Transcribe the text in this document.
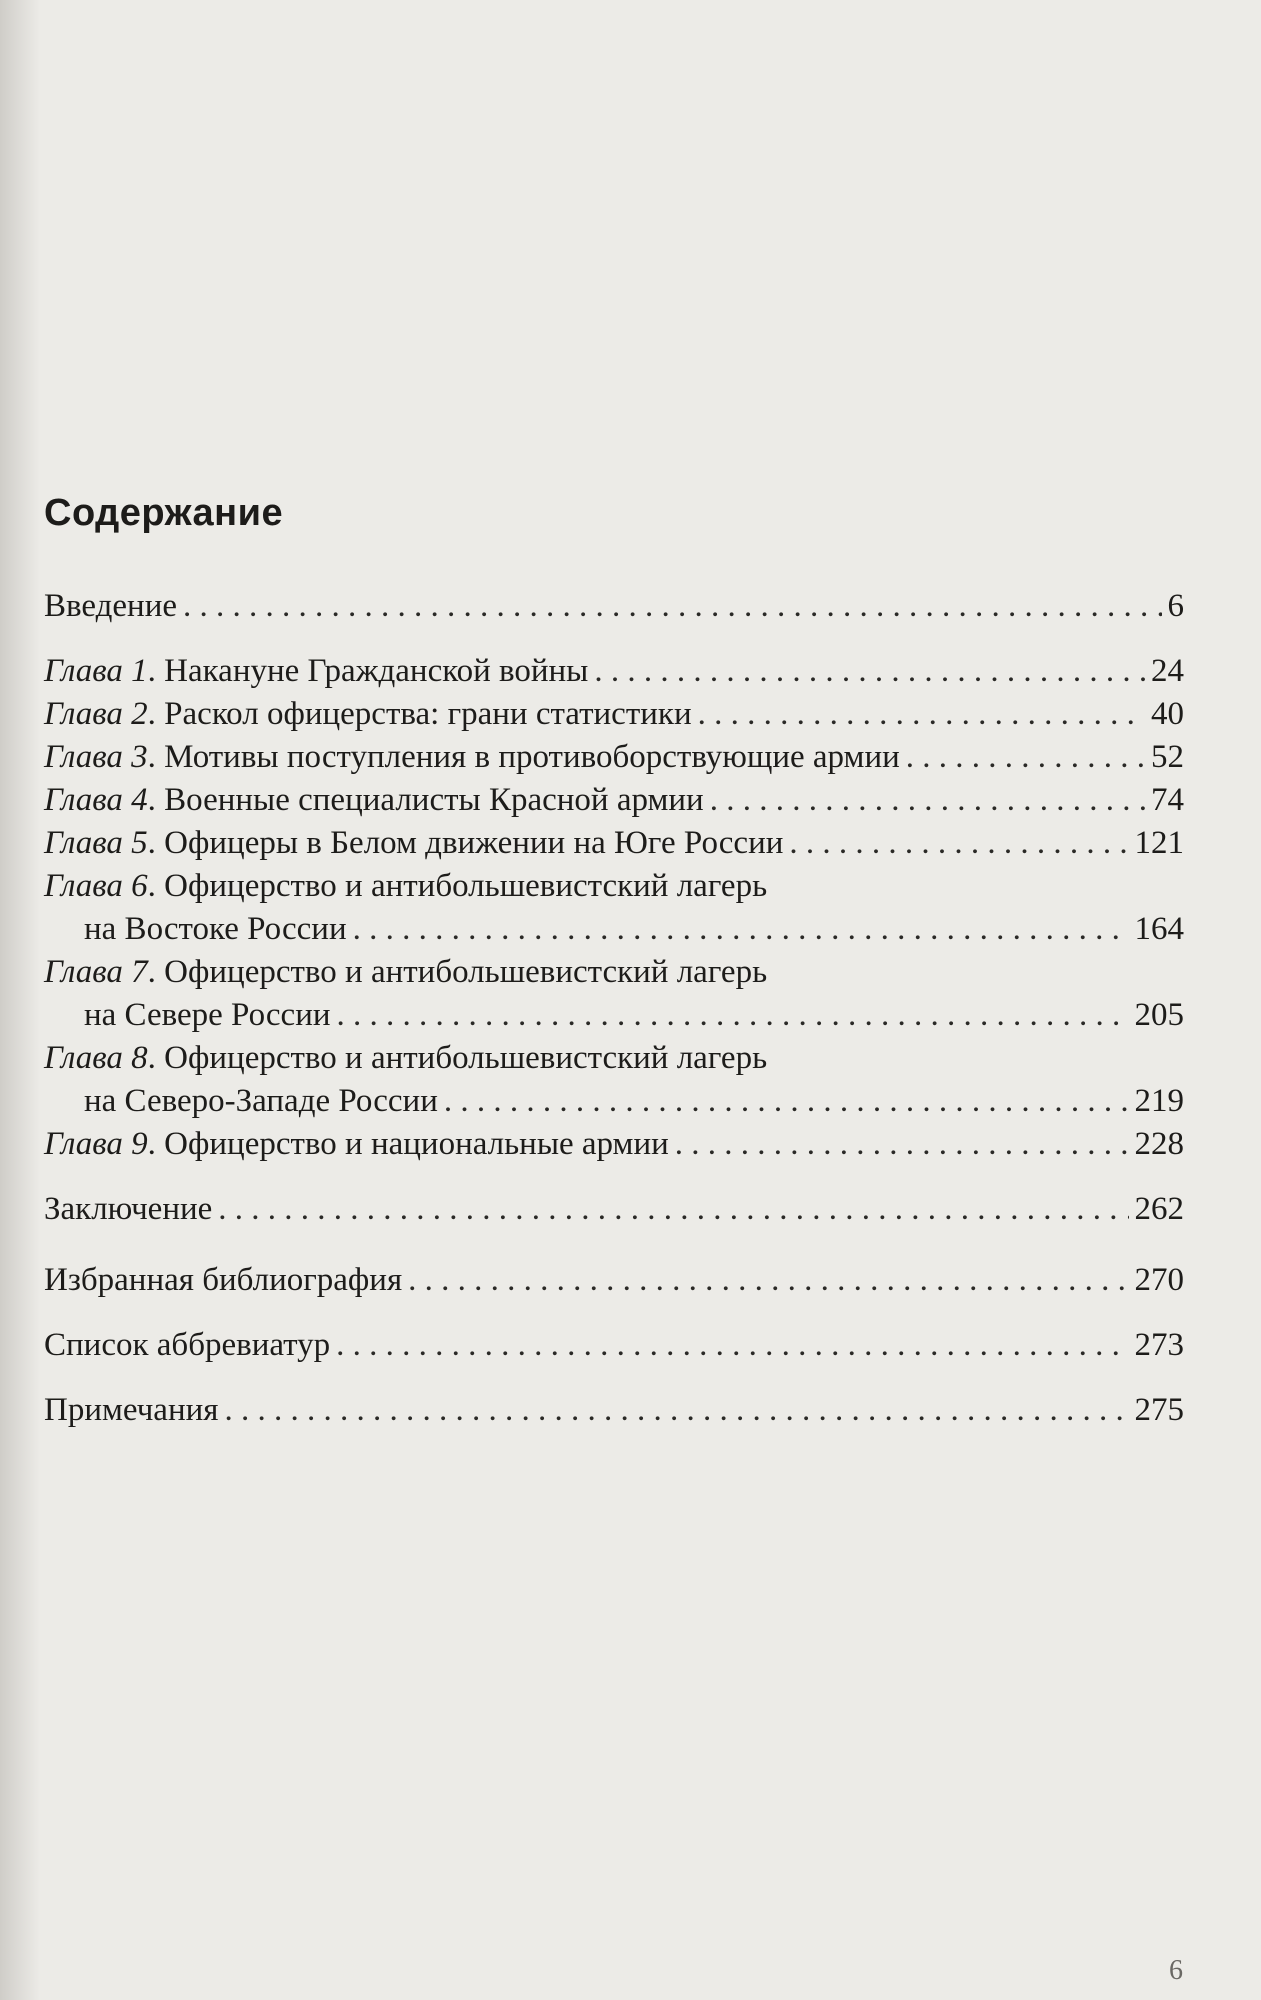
Содержание
Введение . . .	6
Глава 1. Накануне Гражданской войны . . .	24
Глава 2. Раскол офицерства: грани статистики . . .	40
Глава 3. Мотивы поступления в противоборствующие армии . . .	52
Глава 4. Военные специалисты Красной армии . . .	74
Глава 5. Офицеры в Белом движении на Юге России . . .	121
Глава 6. Офицерство и антибольшевистский лагерь
на Востоке России . . .	164
Глава 7. Офицерство и антибольшевистский лагерь
на Севере России . . .	205
Глава 8. Офицерство и антибольшевистский лагерь
на Северо-Западе России . . .	219
Глава 9. Офицерство и национальные армии . . .	228
Заключение . . .	262
Избранная библиография . . .	270
Список аббревиатур . . .	273
Примечания . . .	275
6
